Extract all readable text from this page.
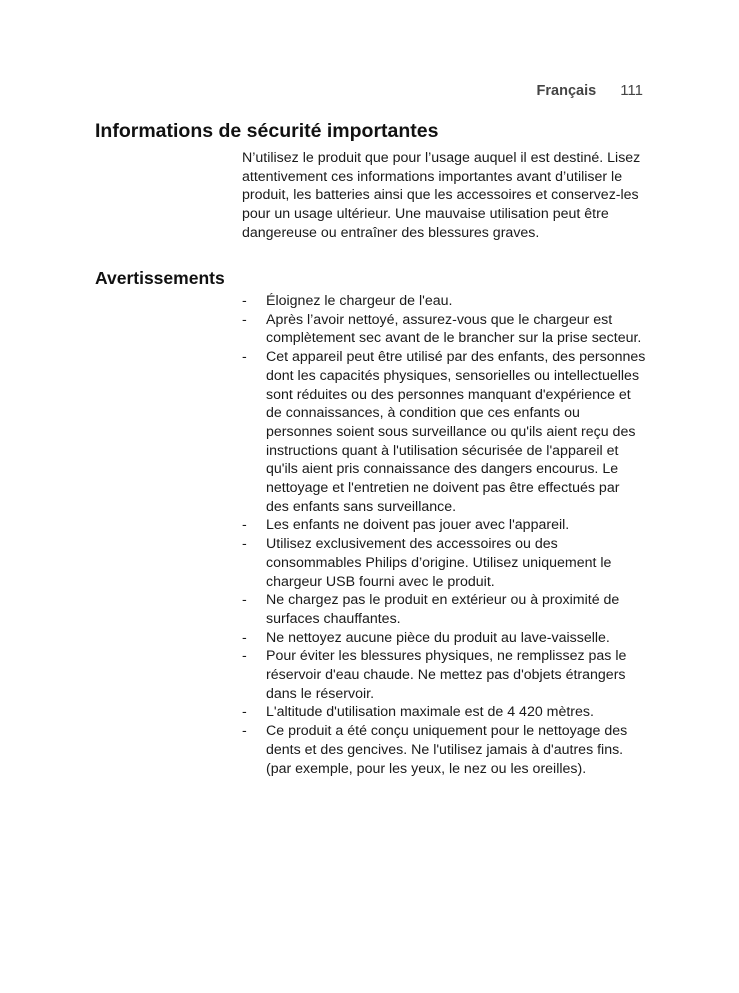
Français 111
Informations de sécurité importantes

N’utilisez le produit que pour l’usage auquel il est destiné. Lisez attentivement ces informations importantes avant d’utiliser le produit, les batteries ainsi que les accessoires et conservez-les pour un usage ultérieur. Une mauvaise utilisation peut être dangereuse ou entraîner des blessures graves.

Avertissements
- Éloignez le chargeur de l'eau.
- Après l’avoir nettoyé, assurez-vous que le chargeur est complètement sec avant de le brancher sur la prise secteur.
- Cet appareil peut être utilisé par des enfants, des personnes dont les capacités physiques, sensorielles ou intellectuelles sont réduites ou des personnes manquant d'expérience et de connaissances, à condition que ces enfants ou personnes soient sous surveillance ou qu'ils aient reçu des instructions quant à l'utilisation sécurisée de l'appareil et qu'ils aient pris connaissance des dangers encourus. Le nettoyage et l'entretien ne doivent pas être effectués par des enfants sans surveillance.
- Les enfants ne doivent pas jouer avec l'appareil.
- Utilisez exclusivement des accessoires ou des consommables Philips d’origine. Utilisez uniquement le chargeur USB fourni avec le produit.
- Ne chargez pas le produit en extérieur ou à proximité de surfaces chauffantes.
- Ne nettoyez aucune pièce du produit au lave-vaisselle.
- Pour éviter les blessures physiques, ne remplissez pas le réservoir d'eau chaude. Ne mettez pas d'objets étrangers dans le réservoir.
- L'altitude d'utilisation maximale est de 4 420 mètres.
- Ce produit a été conçu uniquement pour le nettoyage des dents et des gencives. Ne l'utilisez jamais à d'autres fins. (par exemple, pour les yeux, le nez ou les oreilles).
